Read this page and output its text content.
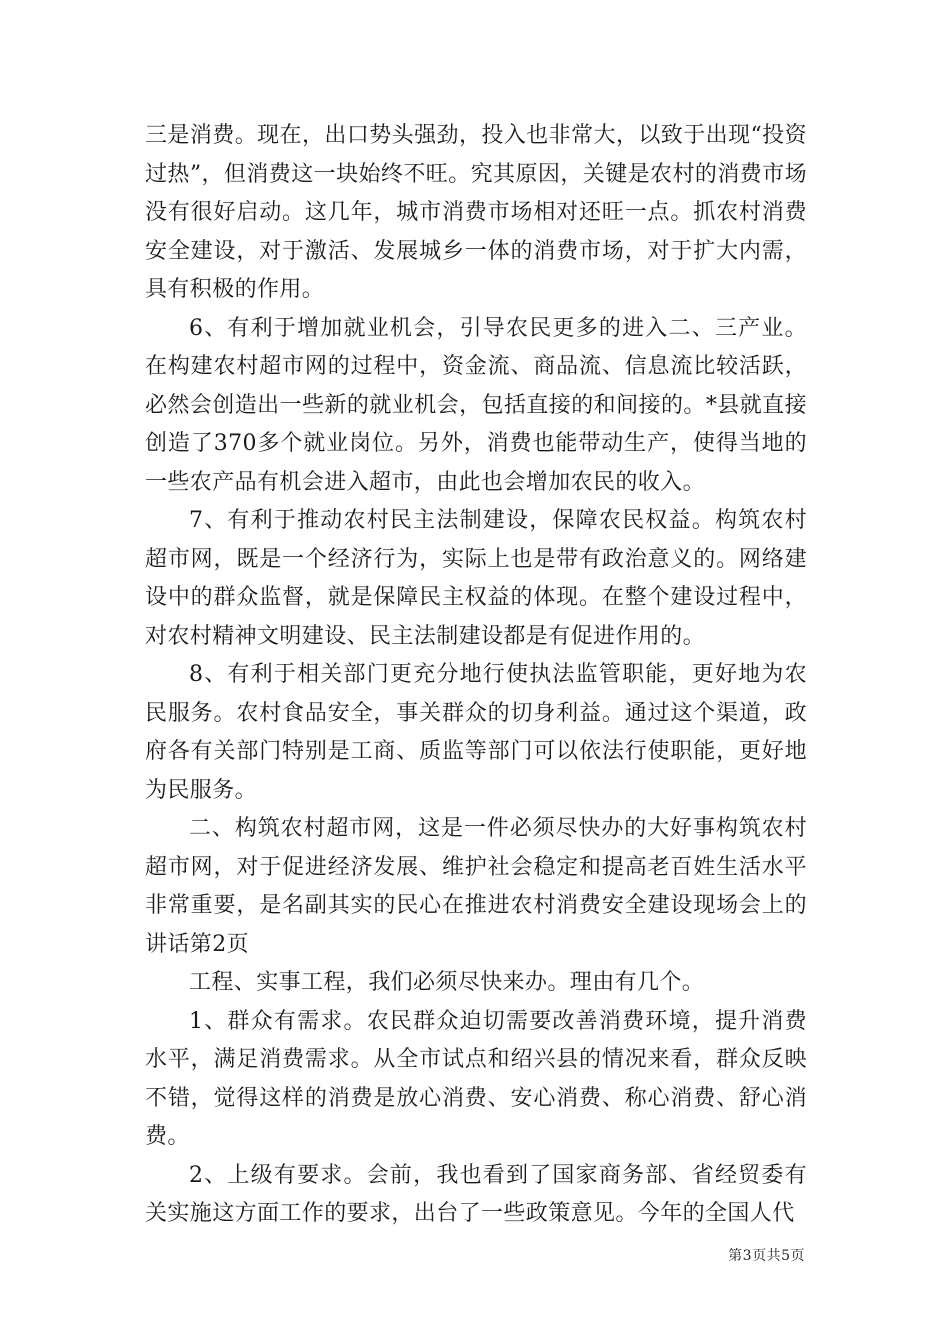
三是消费。现在，出口势头强劲，投入也非常大，以致于出现“投资过热”，但消费这一块始终不旺。究其原因，关键是农村的消费市场没有很好启动。这几年，城市消费市场相对还旺一点。抓农村消费安全建设，对于激活、发展城乡一体的消费市场，对于扩大内需，具有积极的作用。

6、有利于增加就业机会，引导农民更多的进入二、三产业。在构建农村超市网的过程中，资金流、商品流、信息流比较活跃，必然会创造出一些新的就业机会，包括直接的和间接的。*县就直接创造了370多个就业岗位。另外，消费也能带动生产，使得当地的一些农产品有机会进入超市，由此也会增加农民的收入。

7、有利于推动农村民主法制建设，保障农民权益。构筑农村超市网，既是一个经济行为，实际上也是带有政治意义的。网络建设中的群众监督，就是保障民主权益的体现。在整个建设过程中，对农村精神文明建设、民主法制建设都是有促进作用的。

8、有利于相关部门更充分地行使执法监管职能，更好地为农民服务。农村食品安全，事关群众的切身利益。通过这个渠道，政府各有关部门特别是工商、质监等部门可以依法行使职能，更好地为民服务。

二、构筑农村超市网，这是一件必须尽快办的大好事构筑农村超市网，对于促进经济发展、维护社会稳定和提高老百姓生活水平非常重要，是名副其实的民心在推进农村消费安全建设现场会上的讲话第2页

工程、实事工程，我们必须尽快来办。理由有几个。

1、群众有需求。农民群众迫切需要改善消费环境，提升消费水平，满足消费需求。从全市试点和绍兴县的情况来看，群众反映不错，觉得这样的消费是放心消费、安心消费、称心消费、舒心消费。

2、上级有要求。会前，我也看到了国家商务部、省经贸委有关实施这方面工作的要求，出台了一些政策意见。今年的全国人代

第3页共5页
